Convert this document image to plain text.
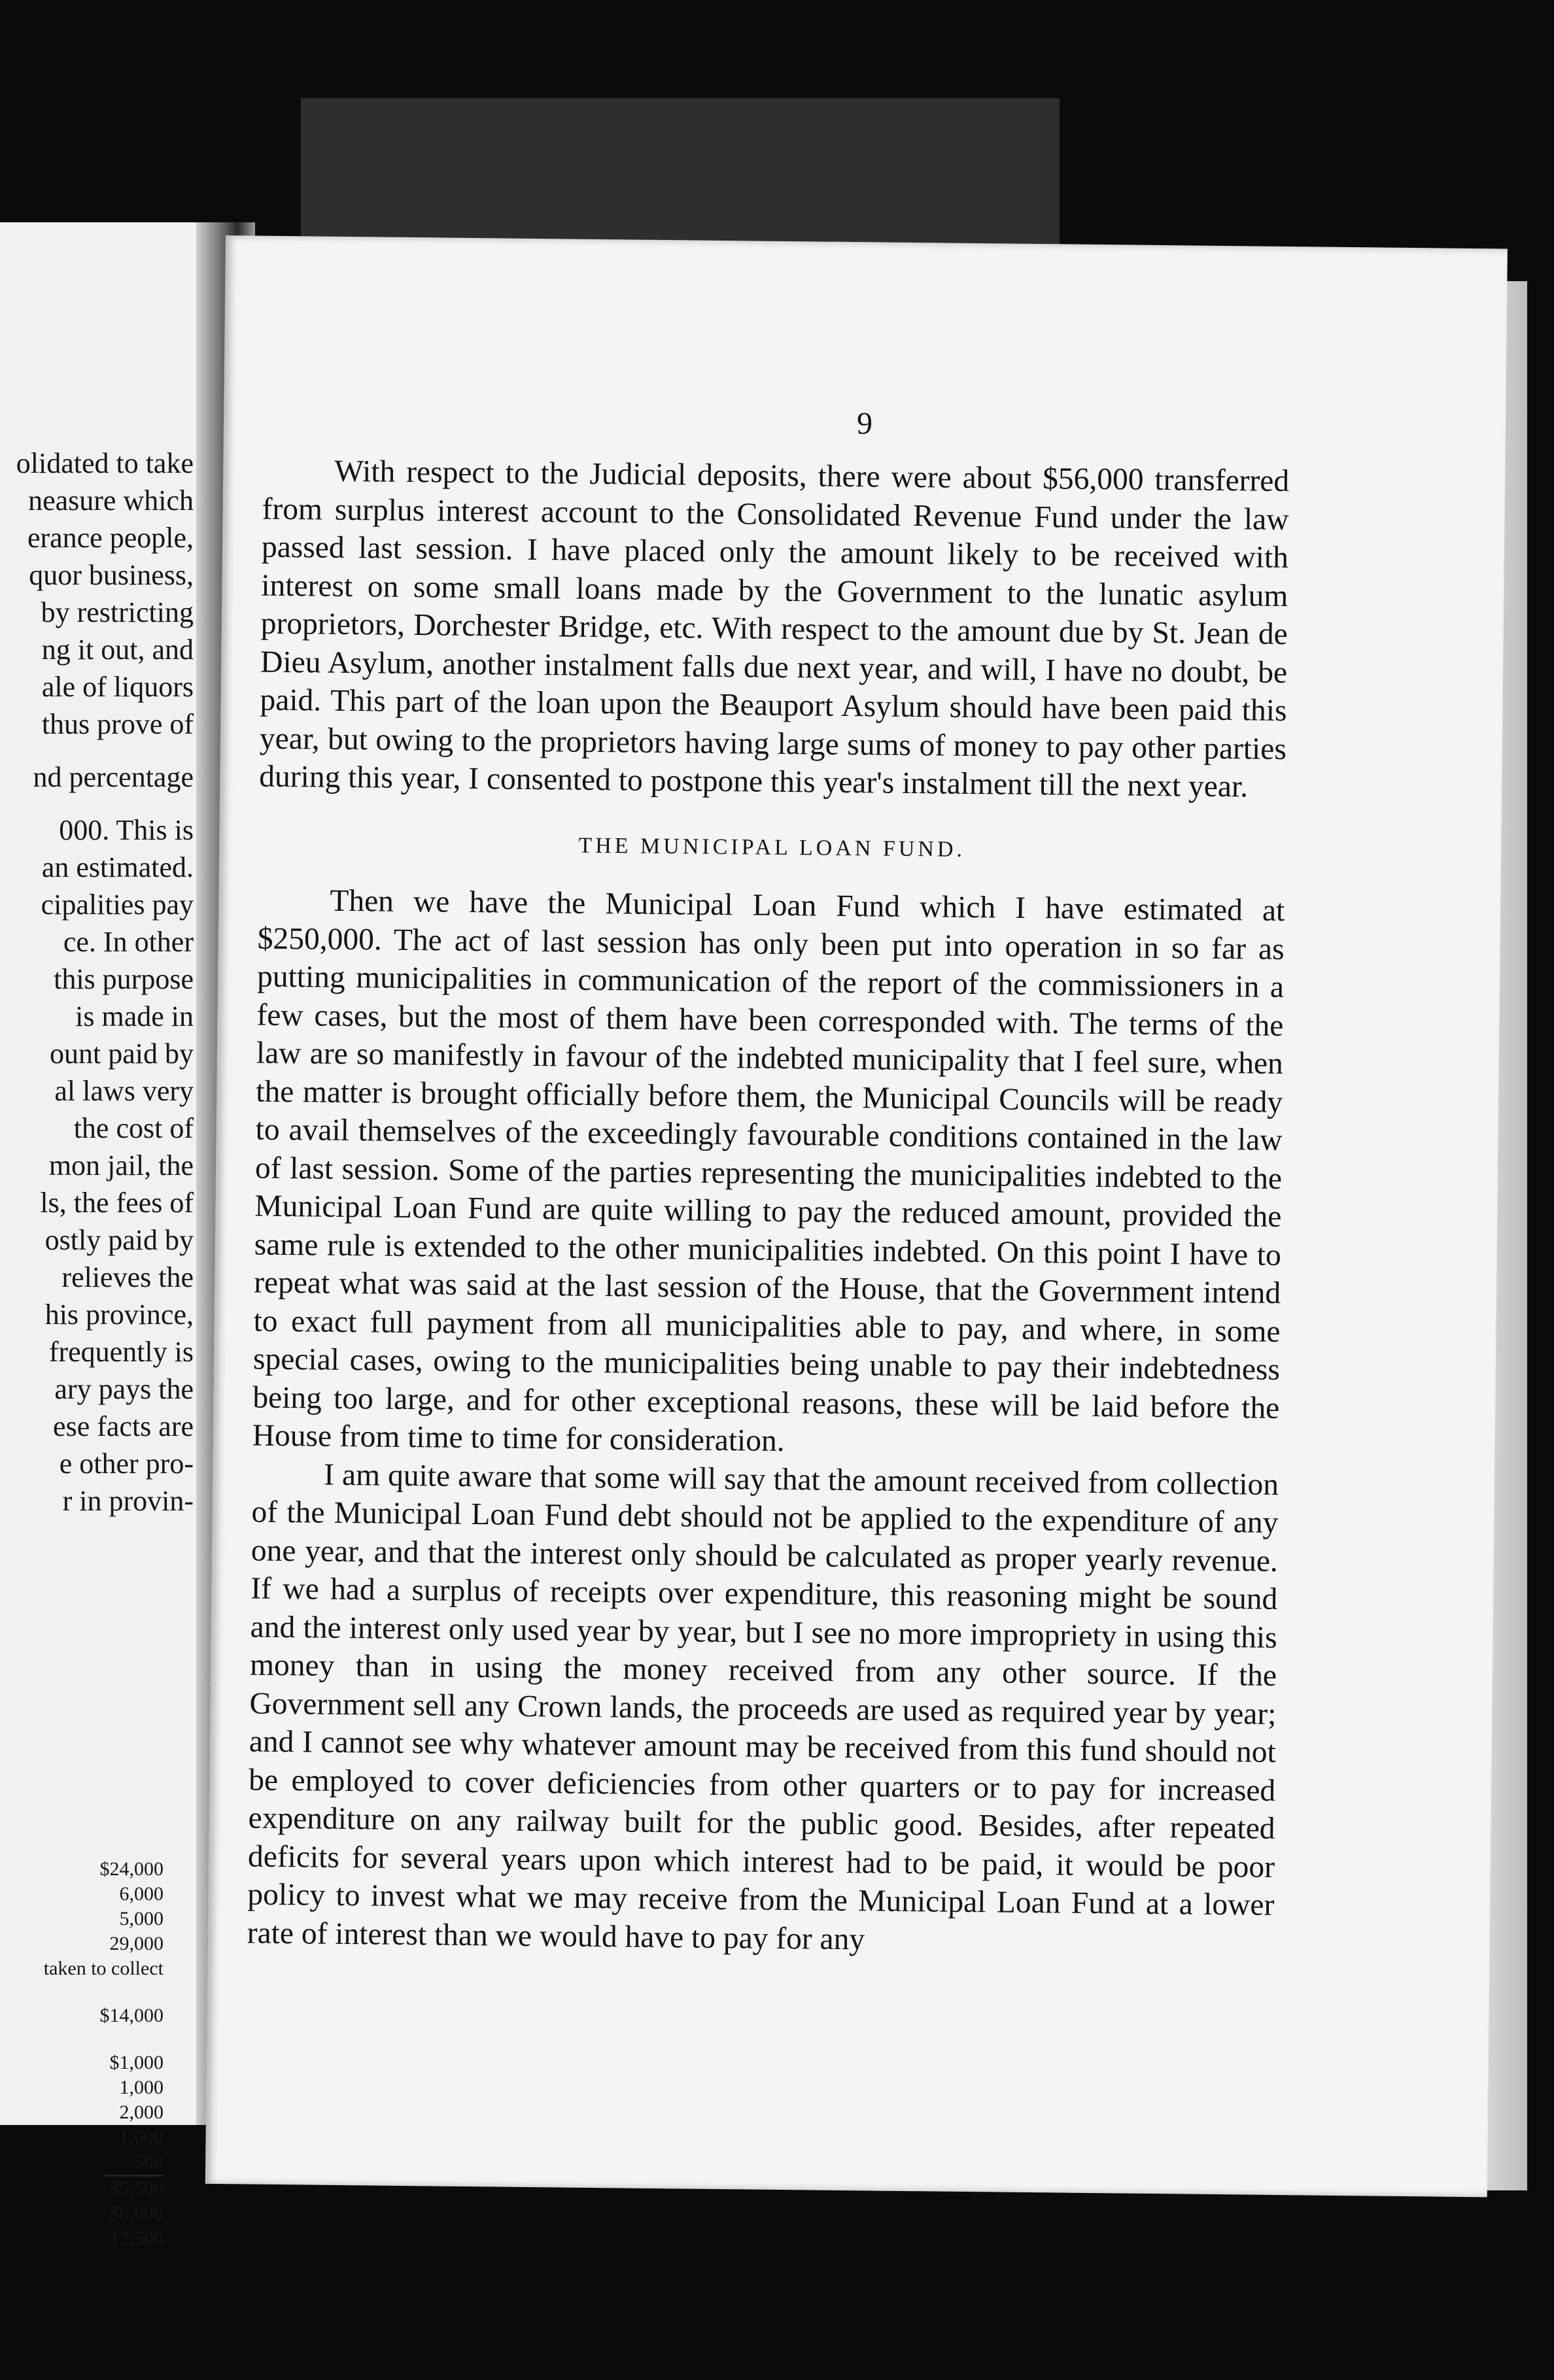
olidated to take
neasure which
erance people,
quor business,
by restricting
ng it out, and
ale of liquors
thus prove of
nd percentage
000. This is
an estimated.
cipalities pay
ce. In other
this purpose
is made in
ount paid by
al laws very
the cost of
mon jail, the
ls, the fees of
ostly paid by
relieves the
his province,
frequently is
ary pays the
ese facts are
e other pro-
r in provin-
$24,000
6,000
5,000
29,000
taken to collect
$14,000
$1,000
1,000
2,000
1,000
500
$5,500
$6,000
12,500
9

With respect to the Judicial deposits, there were about $56,000 transferred from surplus interest account to the Consolidated Revenue Fund under the law passed last session. I have placed only the amount likely to be received with interest on some small loans made by the Government to the lunatic asylum proprietors, Dorchester Bridge, etc. With respect to the amount due by St. Jean de Dieu Asylum, another instalment falls due next year, and will, I have no doubt, be paid. This part of the loan upon the Beauport Asylum should have been paid this year, but owing to the proprietors having large sums of money to pay other parties during this year, I consented to postpone this year's instalment till the next year.

THE MUNICIPAL LOAN FUND.

Then we have the Municipal Loan Fund which I have estimated at $250,000. The act of last session has only been put into operation in so far as putting municipalities in communication of the report of the commissioners in a few cases, but the most of them have been corresponded with. The terms of the law are so manifestly in favour of the indebted municipality that I feel sure, when the matter is brought officially before them, the Municipal Councils will be ready to avail themselves of the exceedingly favourable conditions contained in the law of last session. Some of the parties representing the municipalities indebted to the Municipal Loan Fund are quite willing to pay the reduced amount, provided the same rule is extended to the other municipalities indebted. On this point I have to repeat what was said at the last session of the House, that the Government intend to exact full payment from all municipalities able to pay, and where, in some special cases, owing to the municipalities being unable to pay their indebtedness being too large, and for other exceptional reasons, these will be laid before the House from time to time for consideration.

I am quite aware that some will say that the amount received from collection of the Municipal Loan Fund debt should not be applied to the expenditure of any one year, and that the interest only should be calculated as proper yearly revenue. If we had a surplus of receipts over expenditure, this reasoning might be sound and the interest only used year by year, but I see no more impropriety in using this money than in using the money received from any other source. If the Government sell any Crown lands, the proceeds are used as required year by year; and I cannot see why whatever amount may be received from this fund should not be employed to cover deficiencies from other quarters or to pay for increased expenditure on any railway built for the public good. Besides, after repeated deficits for several years upon which interest had to be paid, it would be poor policy to invest what we may receive from the Municipal Loan Fund at a lower rate of interest than we would have to pay for any
